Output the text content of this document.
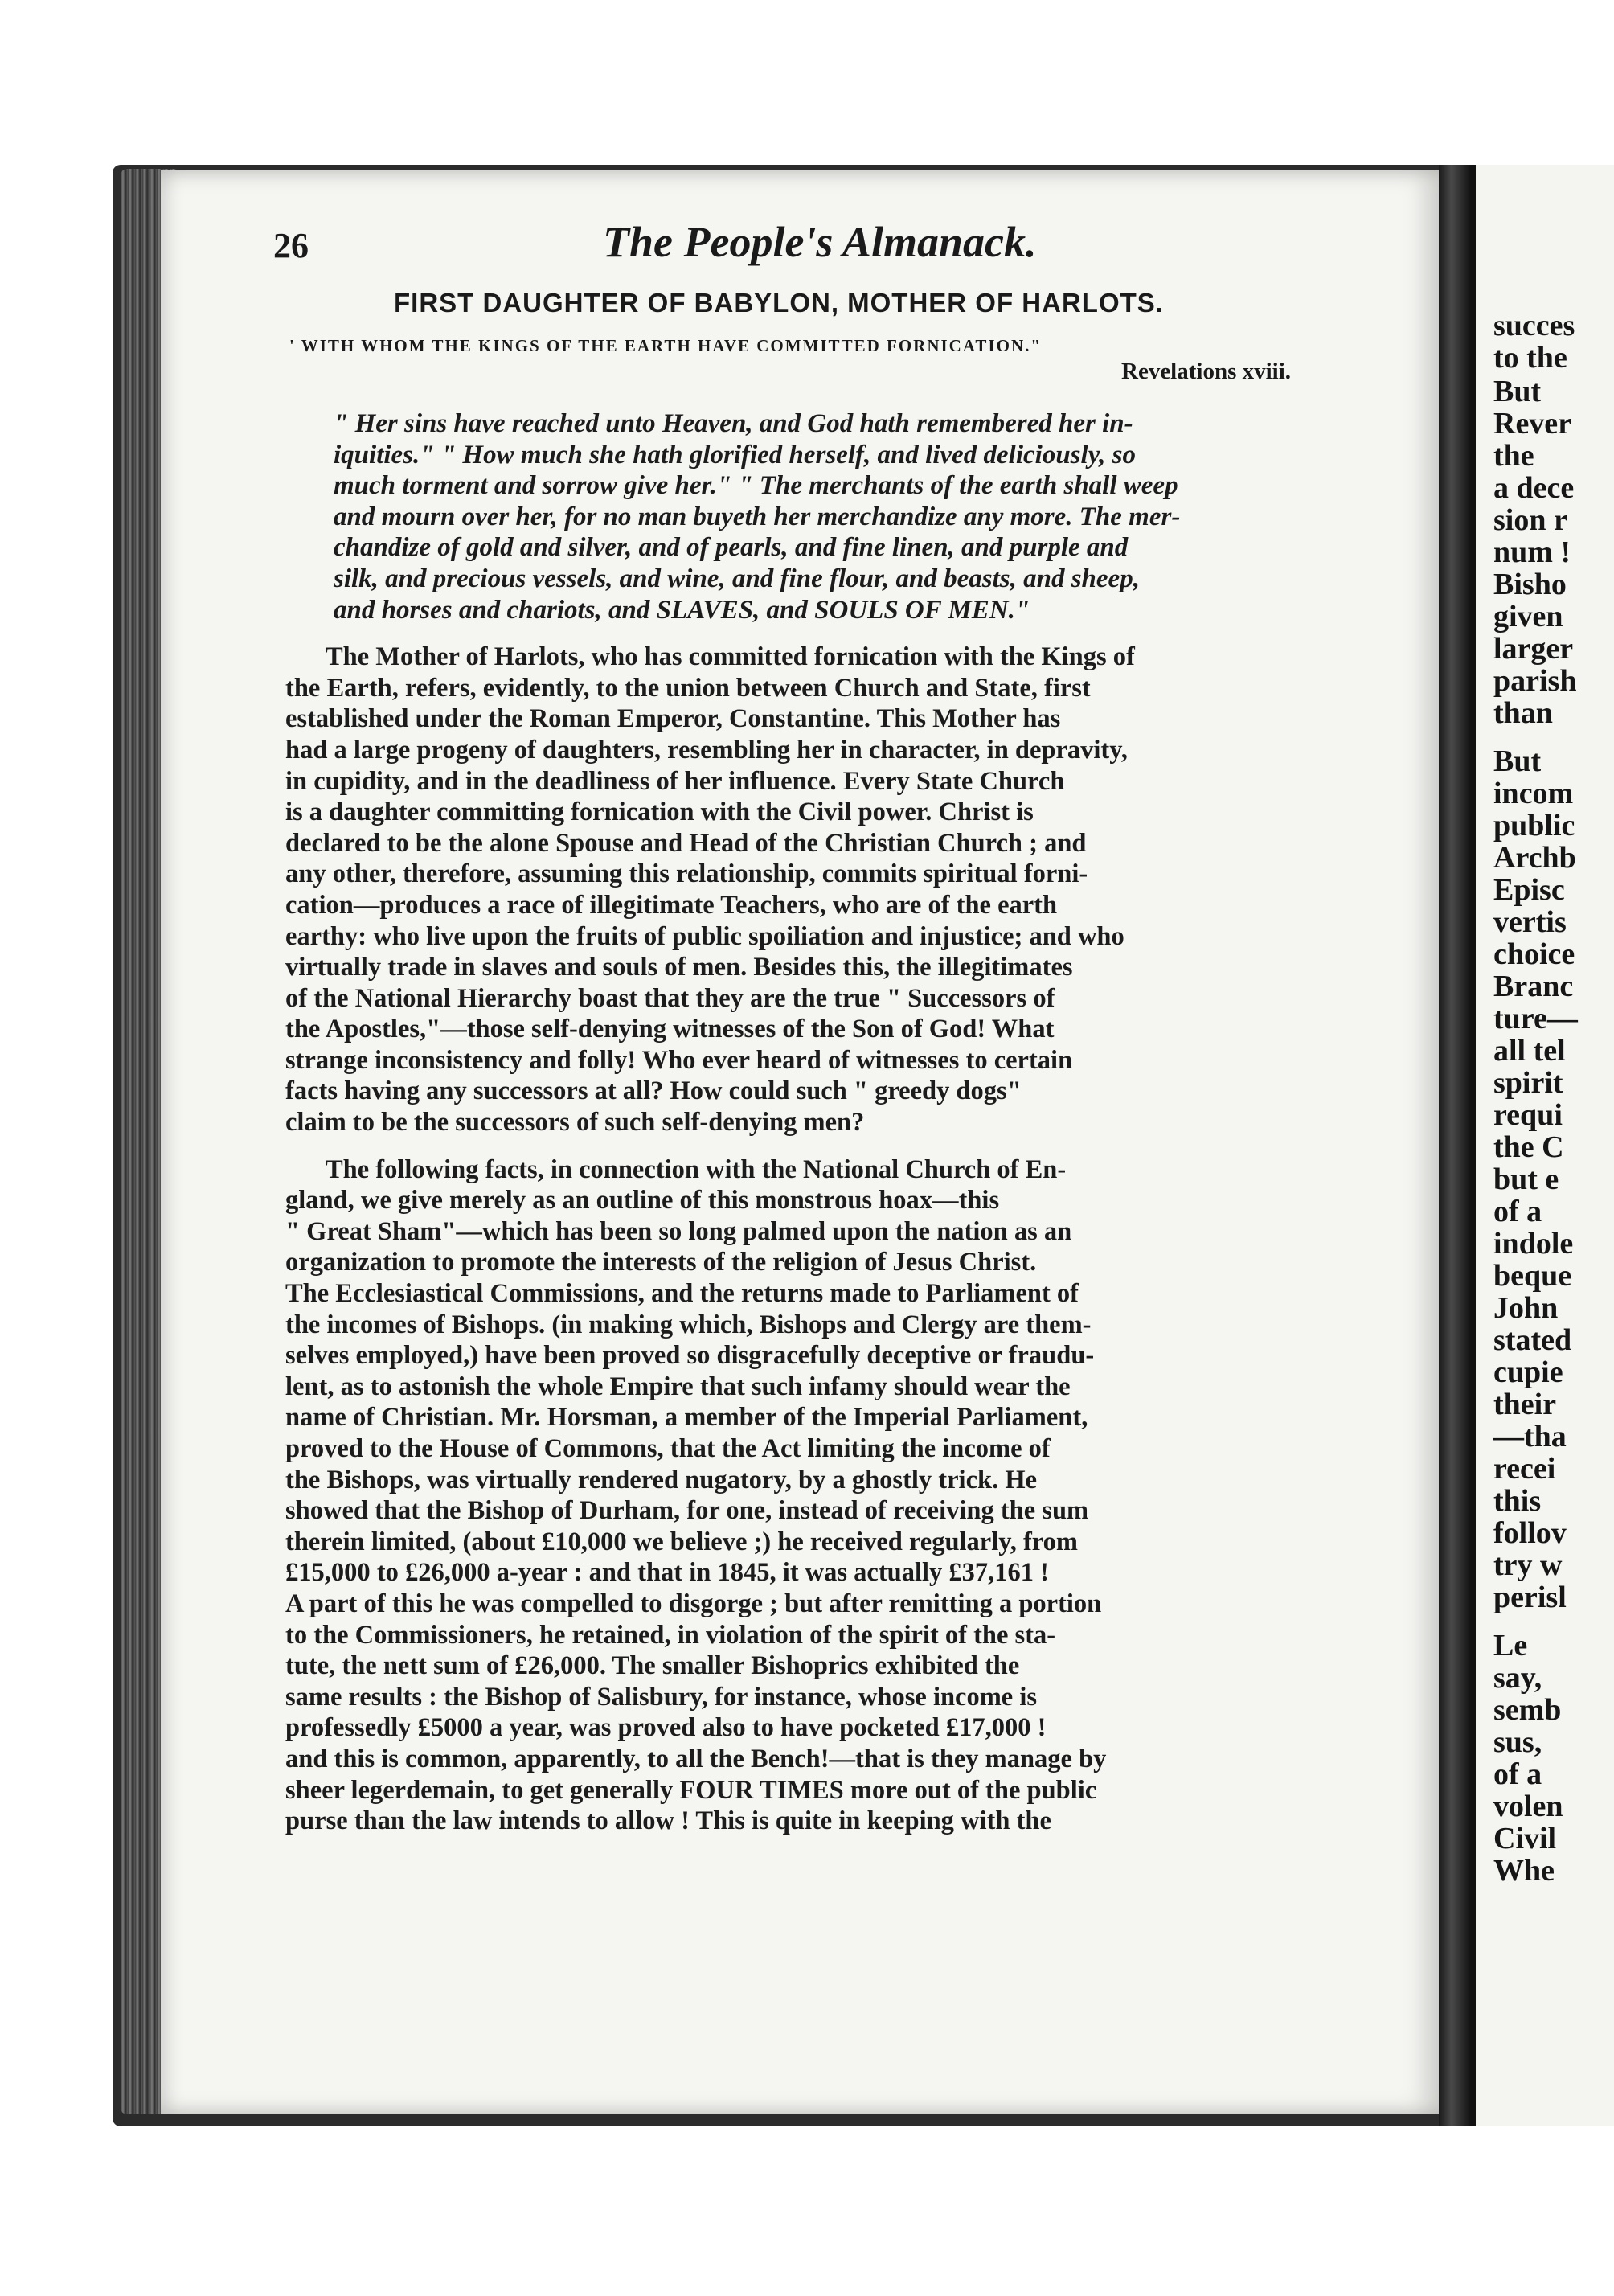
succes

to the

But

Rever

the

a dece

sion r

num !

Bisho

given

larger

parish

than

But

incom

public

Archb

Episc

vertis

choice

Branc

ture—

all tel

spirit

requi

the C

but e

of a

indole

beque

John

stated

cupie

their

—tha

recei

this

follov

try w

perisl

Le

say,

semb

sus,

of a

volen

Civil

Whe

26	The People's Almanack.
FIRST DAUGHTER OF BABYLON, MOTHER OF HARLOTS.
' WITH WHOM THE KINGS OF THE EARTH HAVE COMMITTED FORNICATION."
Revelations xviii.
" Her sins have reached unto Heaven, and God hath remembered her in-
iquities." " How much she hath glorified herself, and lived deliciously, so
much torment and sorrow give her." " The merchants of the earth shall weep
and mourn over her, for no man buyeth her merchandize any more. The mer-
chandize of gold and silver, and of pearls, and fine linen, and purple and
silk, and precious vessels, and wine, and fine flour, and beasts, and sheep,
and horses and chariots, and SLAVES, and SOULS OF MEN."
The Mother of Harlots, who has committed fornication with the Kings of
the Earth, refers, evidently, to the union between Church and State, first
established under the Roman Emperor, Constantine. This Mother has
had a large progeny of daughters, resembling her in character, in depravity,
in cupidity, and in the deadliness of her influence. Every State Church
is a daughter committing fornication with the Civil power. Christ is
declared to be the alone Spouse and Head of the Christian Church ; and
any other, therefore, assuming this relationship, commits spiritual forni-
cation—produces a race of illegitimate Teachers, who are of the earth
earthy: who live upon the fruits of public spoiliation and injustice; and who
virtually trade in slaves and souls of men. Besides this, the illegitimates
of the National Hierarchy boast that they are the true " Successors of
the Apostles,"—those self-denying witnesses of the Son of God! What
strange inconsistency and folly! Who ever heard of witnesses to certain
facts having any successors at all? How could such " greedy dogs"
claim to be the successors of such self-denying men?
The following facts, in connection with the National Church of En-
gland, we give merely as an outline of this monstrous hoax—this
" Great Sham"—which has been so long palmed upon the nation as an
organization to promote the interests of the religion of Jesus Christ.
The Ecclesiastical Commissions, and the returns made to Parliament of
the incomes of Bishops. (in making which, Bishops and Clergy are them-
selves employed,) have been proved so disgracefully deceptive or fraudu-
lent, as to astonish the whole Empire that such infamy should wear the
name of Christian. Mr. Horsman, a member of the Imperial Parliament,
proved to the House of Commons, that the Act limiting the income of
the Bishops, was virtually rendered nugatory, by a ghostly trick. He
showed that the Bishop of Durham, for one, instead of receiving the sum
therein limited, (about £10,000 we believe ;) he received regularly, from
£15,000 to £26,000 a-year : and that in 1845, it was actually £37,161 !
A part of this he was compelled to disgorge ; but after remitting a portion
to the Commissioners, he retained, in violation of the spirit of the sta-
tute, the nett sum of £26,000. The smaller Bishoprics exhibited the
same results : the Bishop of Salisbury, for instance, whose income is
professedly £5000 a year, was proved also to have pocketed £17,000 !
and this is common, apparently, to all the Bench!—that is they manage by
sheer legerdemain, to get generally FOUR TIMES more out of the public
purse than the law intends to allow ! This is quite in keeping with the
